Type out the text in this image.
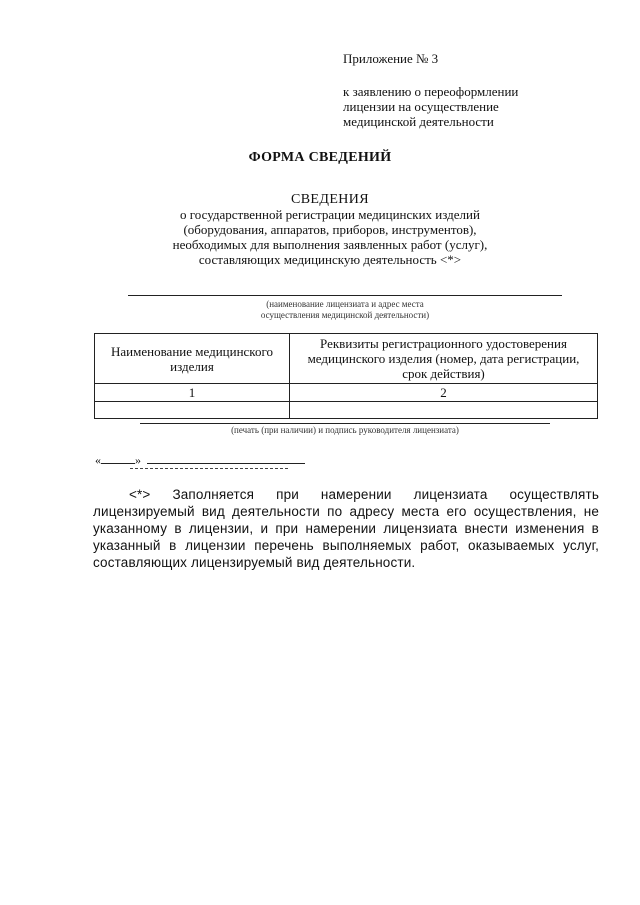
Приложение № 3
к заявлению о переоформлении
лицензии на осуществление
медицинской деятельности
ФОРМА СВЕДЕНИЙ
СВЕДЕНИЯ
о государственной регистрации медицинских изделий
(оборудования, аппаратов, приборов, инструментов),
необходимых для выполнения заявленных работ (услуг),
составляющих медицинскую деятельность <*>
(наименование лицензиата и адрес места
осуществления медицинской деятельности)
Наименование медицинского изделия	Реквизиты регистрационного удостоверения медицинского изделия (номер, дата регистрации, срок действия)
1	2

(печать (при наличии) и подпись руководителя лицензиата)
«	»
<*> Заполняется при намерении лицензиата осуществлять лицензируемый вид деятельности по адресу места его осуществления, не указанному в лицензии, и при намерении лицензиата внести изменения в указанный в лицензии перечень выполняемых работ, оказываемых услуг, составляющих лицензируемый вид деятельности.
